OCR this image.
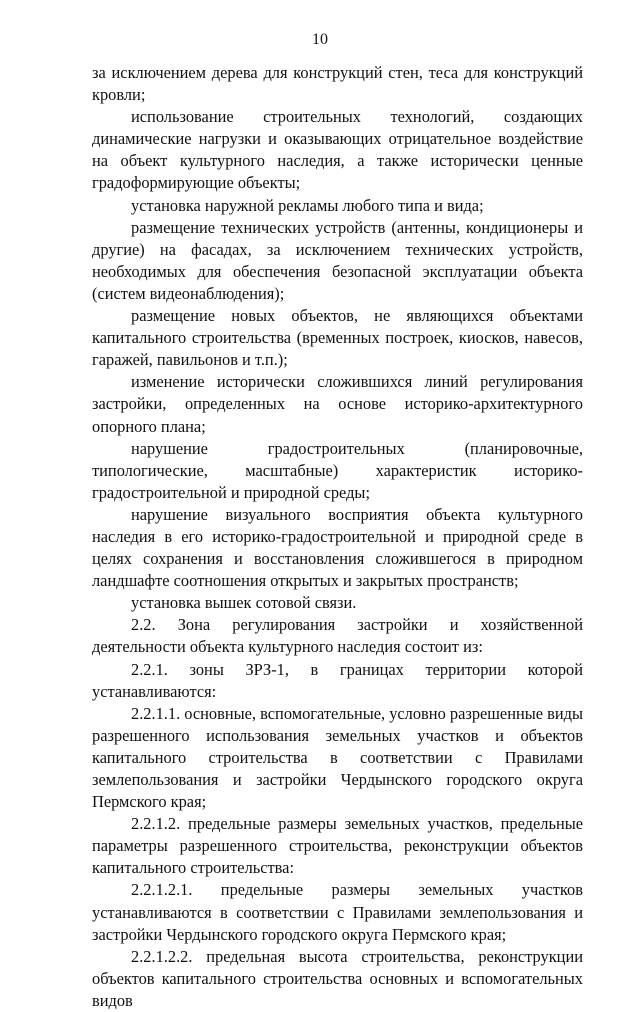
10

за исключением дерева для конструкций стен, теса для конструкций кровли;

использование строительных технологий, создающих динамические нагрузки и оказывающих отрицательное воздействие на объект культурного наследия, а также исторически ценные градоформирующие объекты;

установка наружной рекламы любого типа и вида;

размещение технических устройств (антенны, кондиционеры и другие) на фасадах, за исключением технических устройств, необходимых для обеспечения безопасной эксплуатации объекта (систем видеонаблюдения);

размещение новых объектов, не являющихся объектами капитального строительства (временных построек, киосков, навесов, гаражей, павильонов и т.п.);

изменение исторически сложившихся линий регулирования застройки, определенных на основе историко-архитектурного опорного плана;

нарушение градостроительных (планировочные, типологические, масштабные) характеристик историко-градостроительной и природной среды;

нарушение визуального восприятия объекта культурного наследия в его историко-градостроительной и природной среде в целях сохранения и восстановления сложившегося в природном ландшафте соотношения открытых и закрытых пространств;

установка вышек сотовой связи.

2.2. Зона регулирования застройки и хозяйственной деятельности объекта культурного наследия состоит из:

2.2.1. зоны ЗРЗ-1, в границах территории которой устанавливаются:

2.2.1.1. основные, вспомогательные, условно разрешенные виды разрешенного использования земельных участков и объектов капитального строительства в соответствии с Правилами землепользования и застройки Чердынского городского округа Пермского края;

2.2.1.2. предельные размеры земельных участков, предельные параметры разрешенного строительства, реконструкции объектов капитального строительства:

2.2.1.2.1. предельные размеры земельных участков устанавливаются в соответствии с Правилами землепользования и застройки Чердынского городского округа Пермского края;

2.2.1.2.2. предельная высота строительства, реконструкции объектов капитального строительства основных и вспомогательных видов
